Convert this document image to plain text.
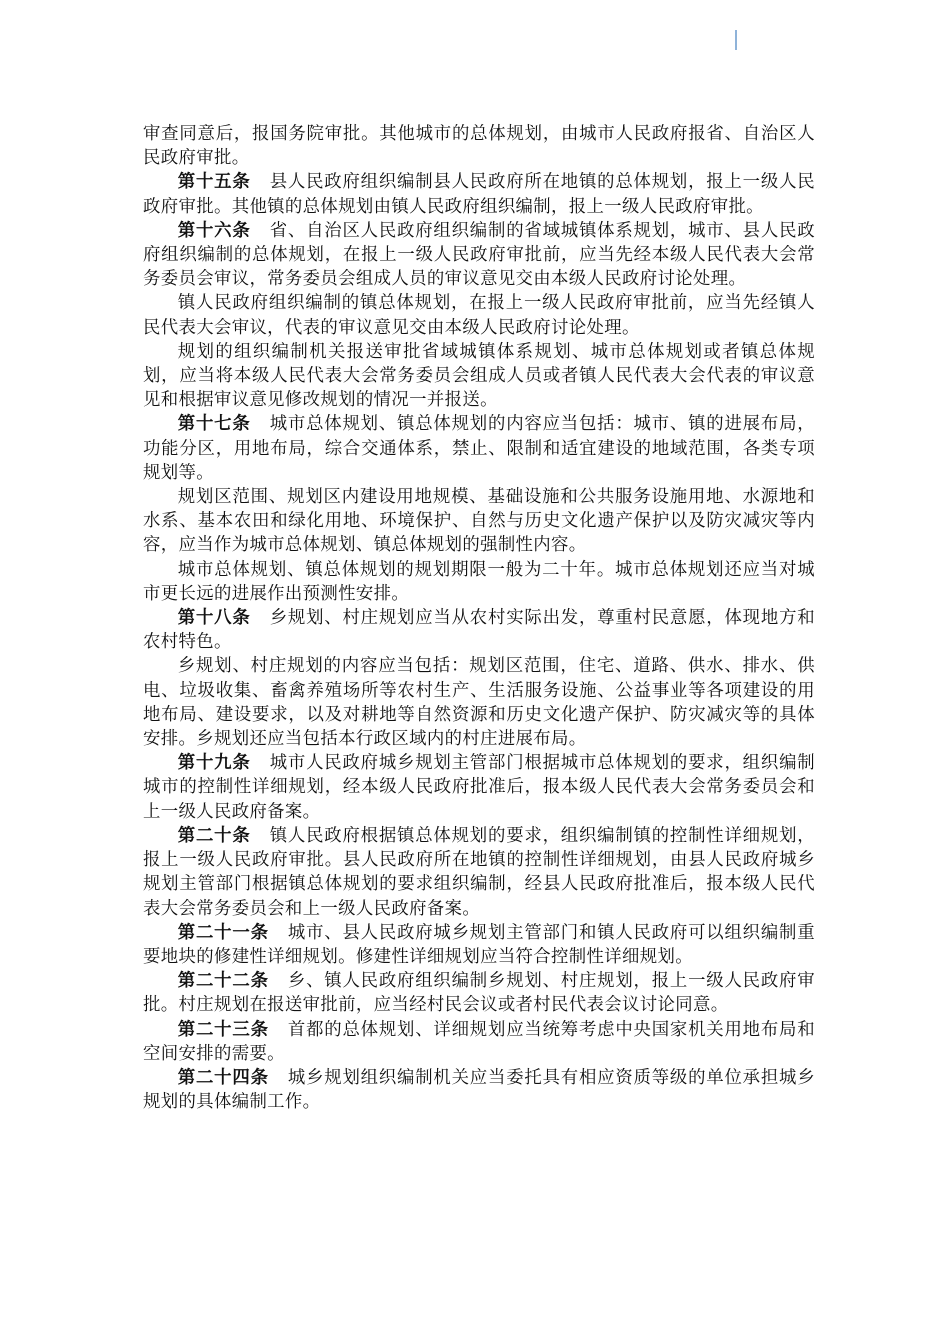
审查同意后，报国务院审批。其他城市的总体规划，由城市人民政府报省、自治区人民政府审批。

第十五条 县人民政府组织编制县人民政府所在地镇的总体规划，报上一级人民政府审批。其他镇的总体规划由镇人民政府组织编制，报上一级人民政府审批。

第十六条 省、自治区人民政府组织编制的省域城镇体系规划，城市、县人民政府组织编制的总体规划，在报上一级人民政府审批前，应当先经本级人民代表大会常务委员会审议，常务委员会组成人员的审议意见交由本级人民政府讨论处理。

镇人民政府组织编制的镇总体规划，在报上一级人民政府审批前，应当先经镇人民代表大会审议，代表的审议意见交由本级人民政府讨论处理。

规划的组织编制机关报送审批省域城镇体系规划、城市总体规划或者镇总体规划，应当将本级人民代表大会常务委员会组成人员或者镇人民代表大会代表的审议意见和根据审议意见修改规划的情况一并报送。

第十七条 城市总体规划、镇总体规划的内容应当包括：城市、镇的进展布局，功能分区，用地布局，综合交通体系，禁止、限制和适宜建设的地域范围，各类专项规划等。

规划区范围、规划区内建设用地规模、基础设施和公共服务设施用地、水源地和水系、基本农田和绿化用地、环境保护、自然与历史文化遗产保护以及防灾减灾等内容，应当作为城市总体规划、镇总体规划的强制性内容。

城市总体规划、镇总体规划的规划期限一般为二十年。城市总体规划还应当对城市更长远的进展作出预测性安排。

第十八条 乡规划、村庄规划应当从农村实际出发，尊重村民意愿，体现地方和农村特色。

乡规划、村庄规划的内容应当包括：规划区范围，住宅、道路、供水、排水、供电、垃圾收集、畜禽养殖场所等农村生产、生活服务设施、公益事业等各项建设的用地布局、建设要求，以及对耕地等自然资源和历史文化遗产保护、防灾减灾等的具体安排。乡规划还应当包括本行政区域内的村庄进展布局。

第十九条 城市人民政府城乡规划主管部门根据城市总体规划的要求，组织编制城市的控制性详细规划，经本级人民政府批准后，报本级人民代表大会常务委员会和上一级人民政府备案。

第二十条 镇人民政府根据镇总体规划的要求，组织编制镇的控制性详细规划，报上一级人民政府审批。县人民政府所在地镇的控制性详细规划，由县人民政府城乡规划主管部门根据镇总体规划的要求组织编制，经县人民政府批准后，报本级人民代表大会常务委员会和上一级人民政府备案。

第二十一条 城市、县人民政府城乡规划主管部门和镇人民政府可以组织编制重要地块的修建性详细规划。修建性详细规划应当符合控制性详细规划。

第二十二条 乡、镇人民政府组织编制乡规划、村庄规划，报上一级人民政府审批。村庄规划在报送审批前，应当经村民会议或者村民代表会议讨论同意。

第二十三条 首都的总体规划、详细规划应当统筹考虑中央国家机关用地布局和空间安排的需要。

第二十四条 城乡规划组织编制机关应当委托具有相应资质等级的单位承担城乡规划的具体编制工作。
